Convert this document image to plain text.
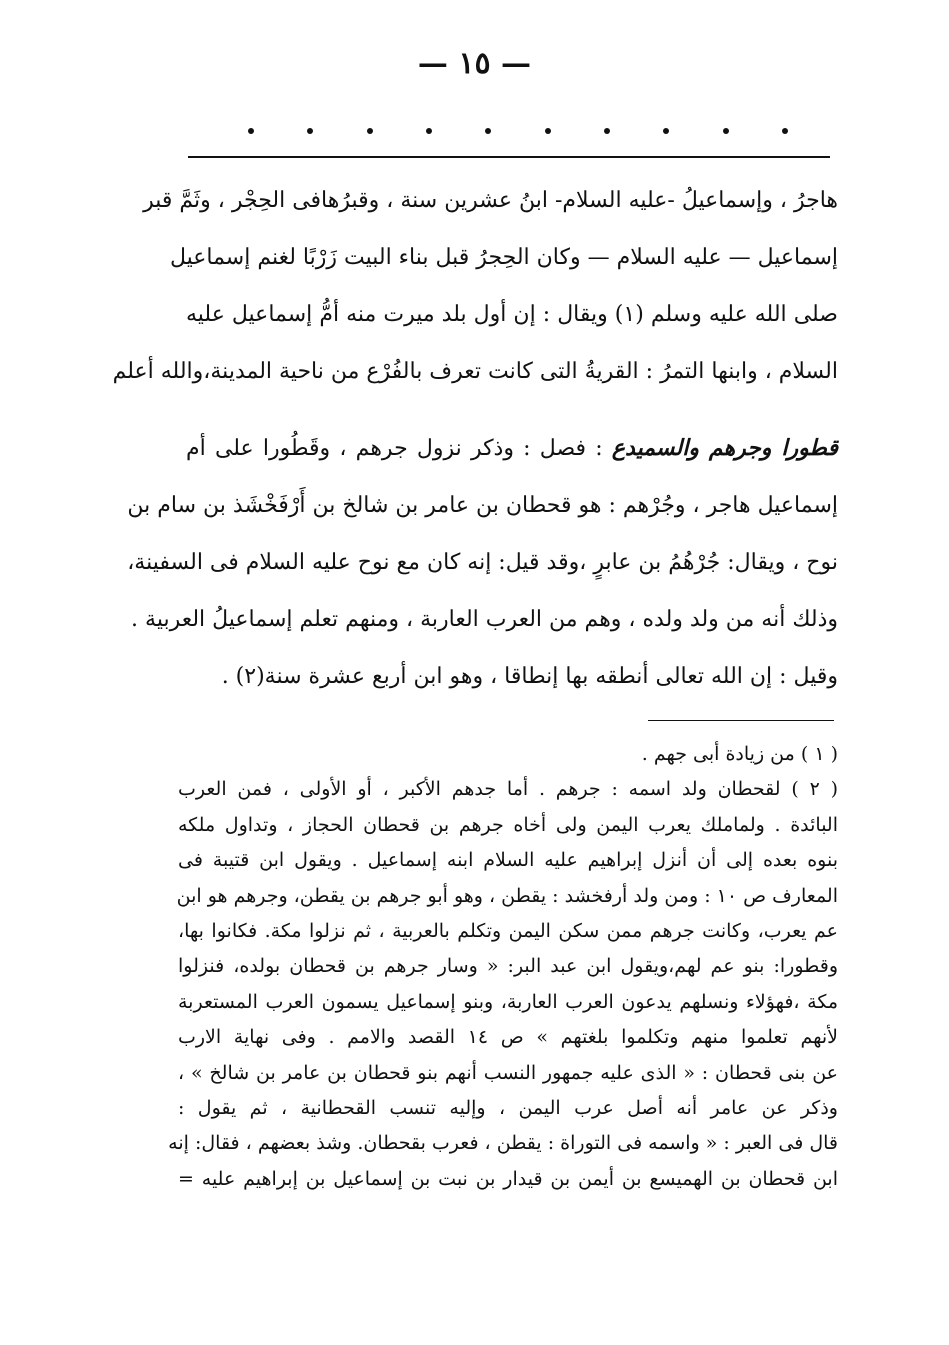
— ١٥ —
هاجرُ ، وإسماعيلُ -عليه السلام- ابنُ عشرين سنة ، وقبرُهافى الحِجْر ، وثَمَّ قبر
إسماعيل — عليه السلام — وكان الحِجرُ قبل بناء البيت زَرْبًا لغنم إسماعيل
صلى الله عليه وسلم (١) ويقال : إن أول بلد ميرت منه أمُّ إسماعيل عليه
السلام ، وابنها التمرُ : القريةُ التى كانت تعرف بالفُرْع من ناحية المدينة،والله أعلم
قطورا وجرهم والسميدع : فصل : وذكر نزول جرهم ، وقَطُورا على أم
إسماعيل هاجر ، وجُرْهم : هو قحطان بن عامر بن شالخ بن أَرْفَخْشَذ بن سام بن
نوح ، ويقال: جُرْهُمُ بن عابرٍ ،وقد قيل: إنه كان مع نوح عليه السلام فى السفينة،
وذلك أنه من ولد ولده ، وهم من العرب العاربة ، ومنهم تعلم إسماعيلُ العربية .
وقيل : إن الله تعالى أنطقه بها إنطاقا ، وهو ابن أربع عشرة سنة(٢) .
( ١ ) من زيادة أبى جهم .
( ٢ ) لقحطان ولد اسمه : جرهم . أما جدهم الأكبر ، أو الأولى ، فمن العرب
البائدة . ولماملك يعرب اليمن ولى أخاه جرهم بن قحطان الحجاز ، وتداول ملكه
بنوه بعده إلى أن أنزل إبراهيم عليه السلام ابنه إسماعيل . ويقول ابن قتيبة فى
المعارف ص ١٠ : ومن ولد أرفخشد : يقطن ، وهو أبو جرهم بن يقطن، وجرهم هو ابن
عم يعرب، وكانت جرهم ممن سكن اليمن وتكلم بالعربية ، ثم نزلوا مكة. فكانوا بها،
وقطورا: بنو عم لهم،ويقول ابن عبد البر: « وسار جرهم بن قحطان بولده، فنزلوا
مكة ،فهؤلاء ونسلهم يدعون العرب العاربة، وبنو إسماعيل يسمون العرب المستعربة
لأنهم تعلموا منهم وتكلموا بلغتهم » ص ١٤ القصد والامم . وفى نهاية الارب
عن بنى قحطان : « الذى عليه جمهور النسب أنهم بنو قحطان بن عامر بن شالخ » ،
وذكر عن عامر أنه أصل عرب اليمن ، وإليه تنسب القحطانية ، ثم يقول :
قال فى العبر : « واسمه فى التوراة : يقطن ، فعرب بقحطان. وشذ بعضهم ، فقال: إنه
ابن قحطان بن الهميسع بن أيمن بن قيدار بن نبت بن إسماعيل بن إبراهيم عليه =
